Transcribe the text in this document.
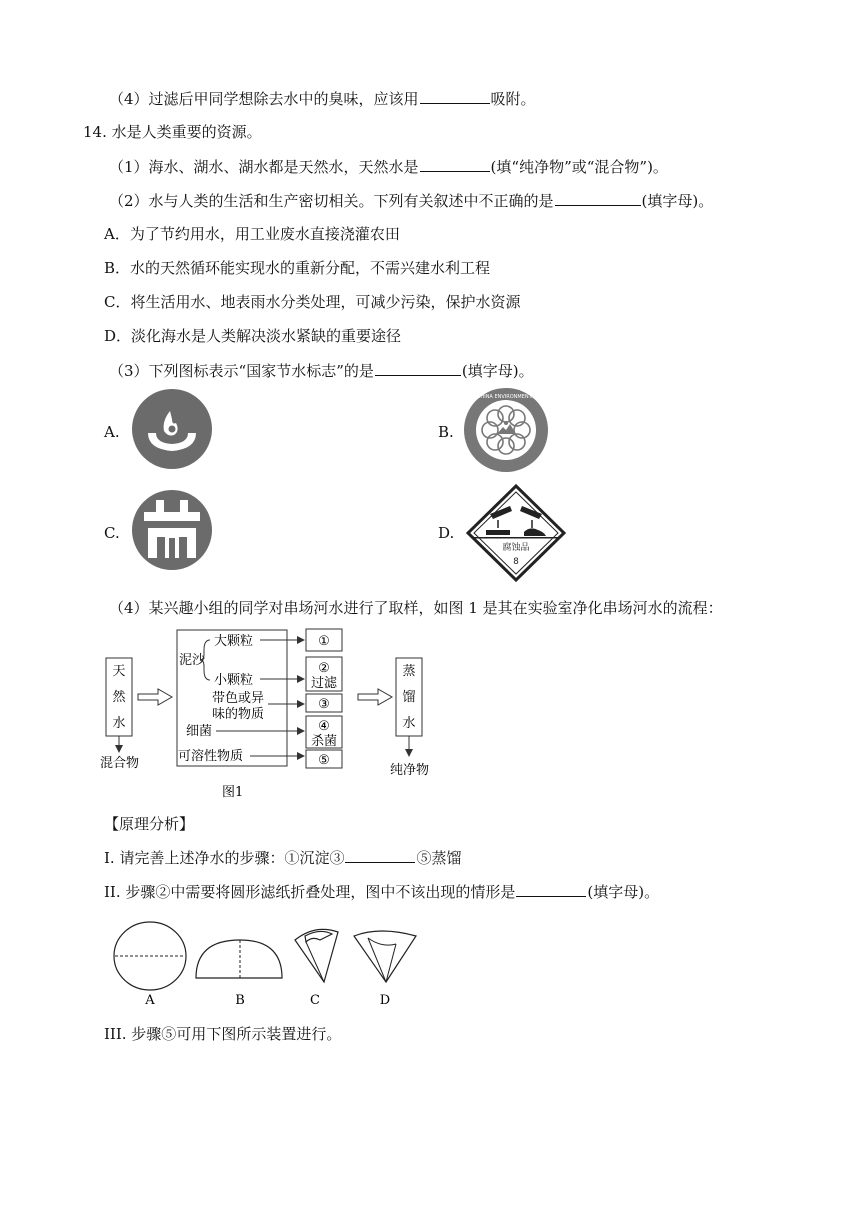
（4）过滤后甲同学想除去水中的臭味，应该用	吸附。
14. 水是人类重要的资源。
（1）海水、湖水、湖水都是天然水，天然水是	(填“纯净物”或“混合物”)。
（2）水与人类的生活和生产密切相关。下列有关叙述中不正确的是	(填字母)。
A．为了节约用水，用工业废水直接浇灌农田
B．水的天然循环能实现水的重新分配，不需兴建水利工程
C．将生活用水、地表雨水分类处理，可减少污染，保护水资源
D．淡化海水是人类解决淡水紧缺的重要途径
（3）下列图标表示“国家节水标志”的是	(填字母)。
A.	B.
C.	D.
中国环境标志 CHINA ENVIRONMENTAL LABELLING
腐蚀品
8
（4）某兴趣小组的同学对串场河水进行了取样，如图 1 是其在实验室净化串场河水的流程：
天
然
水
混合物
泥沙
大颗粒
小颗粒
带色或异
味的物质
细菌
可溶性物质
①
②
过滤
③
④
杀菌
⑤
蒸
馏
水
纯净物
图1
【原理分析】
I. 请完善上述净水的步骤：①沉淀③	⑤蒸馏
II. 步骤②中需要将圆形滤纸折叠处理，图中不该出现的情形是	(填字母)。
A	B	C	D
III. 步骤⑤可用下图所示装置进行。
